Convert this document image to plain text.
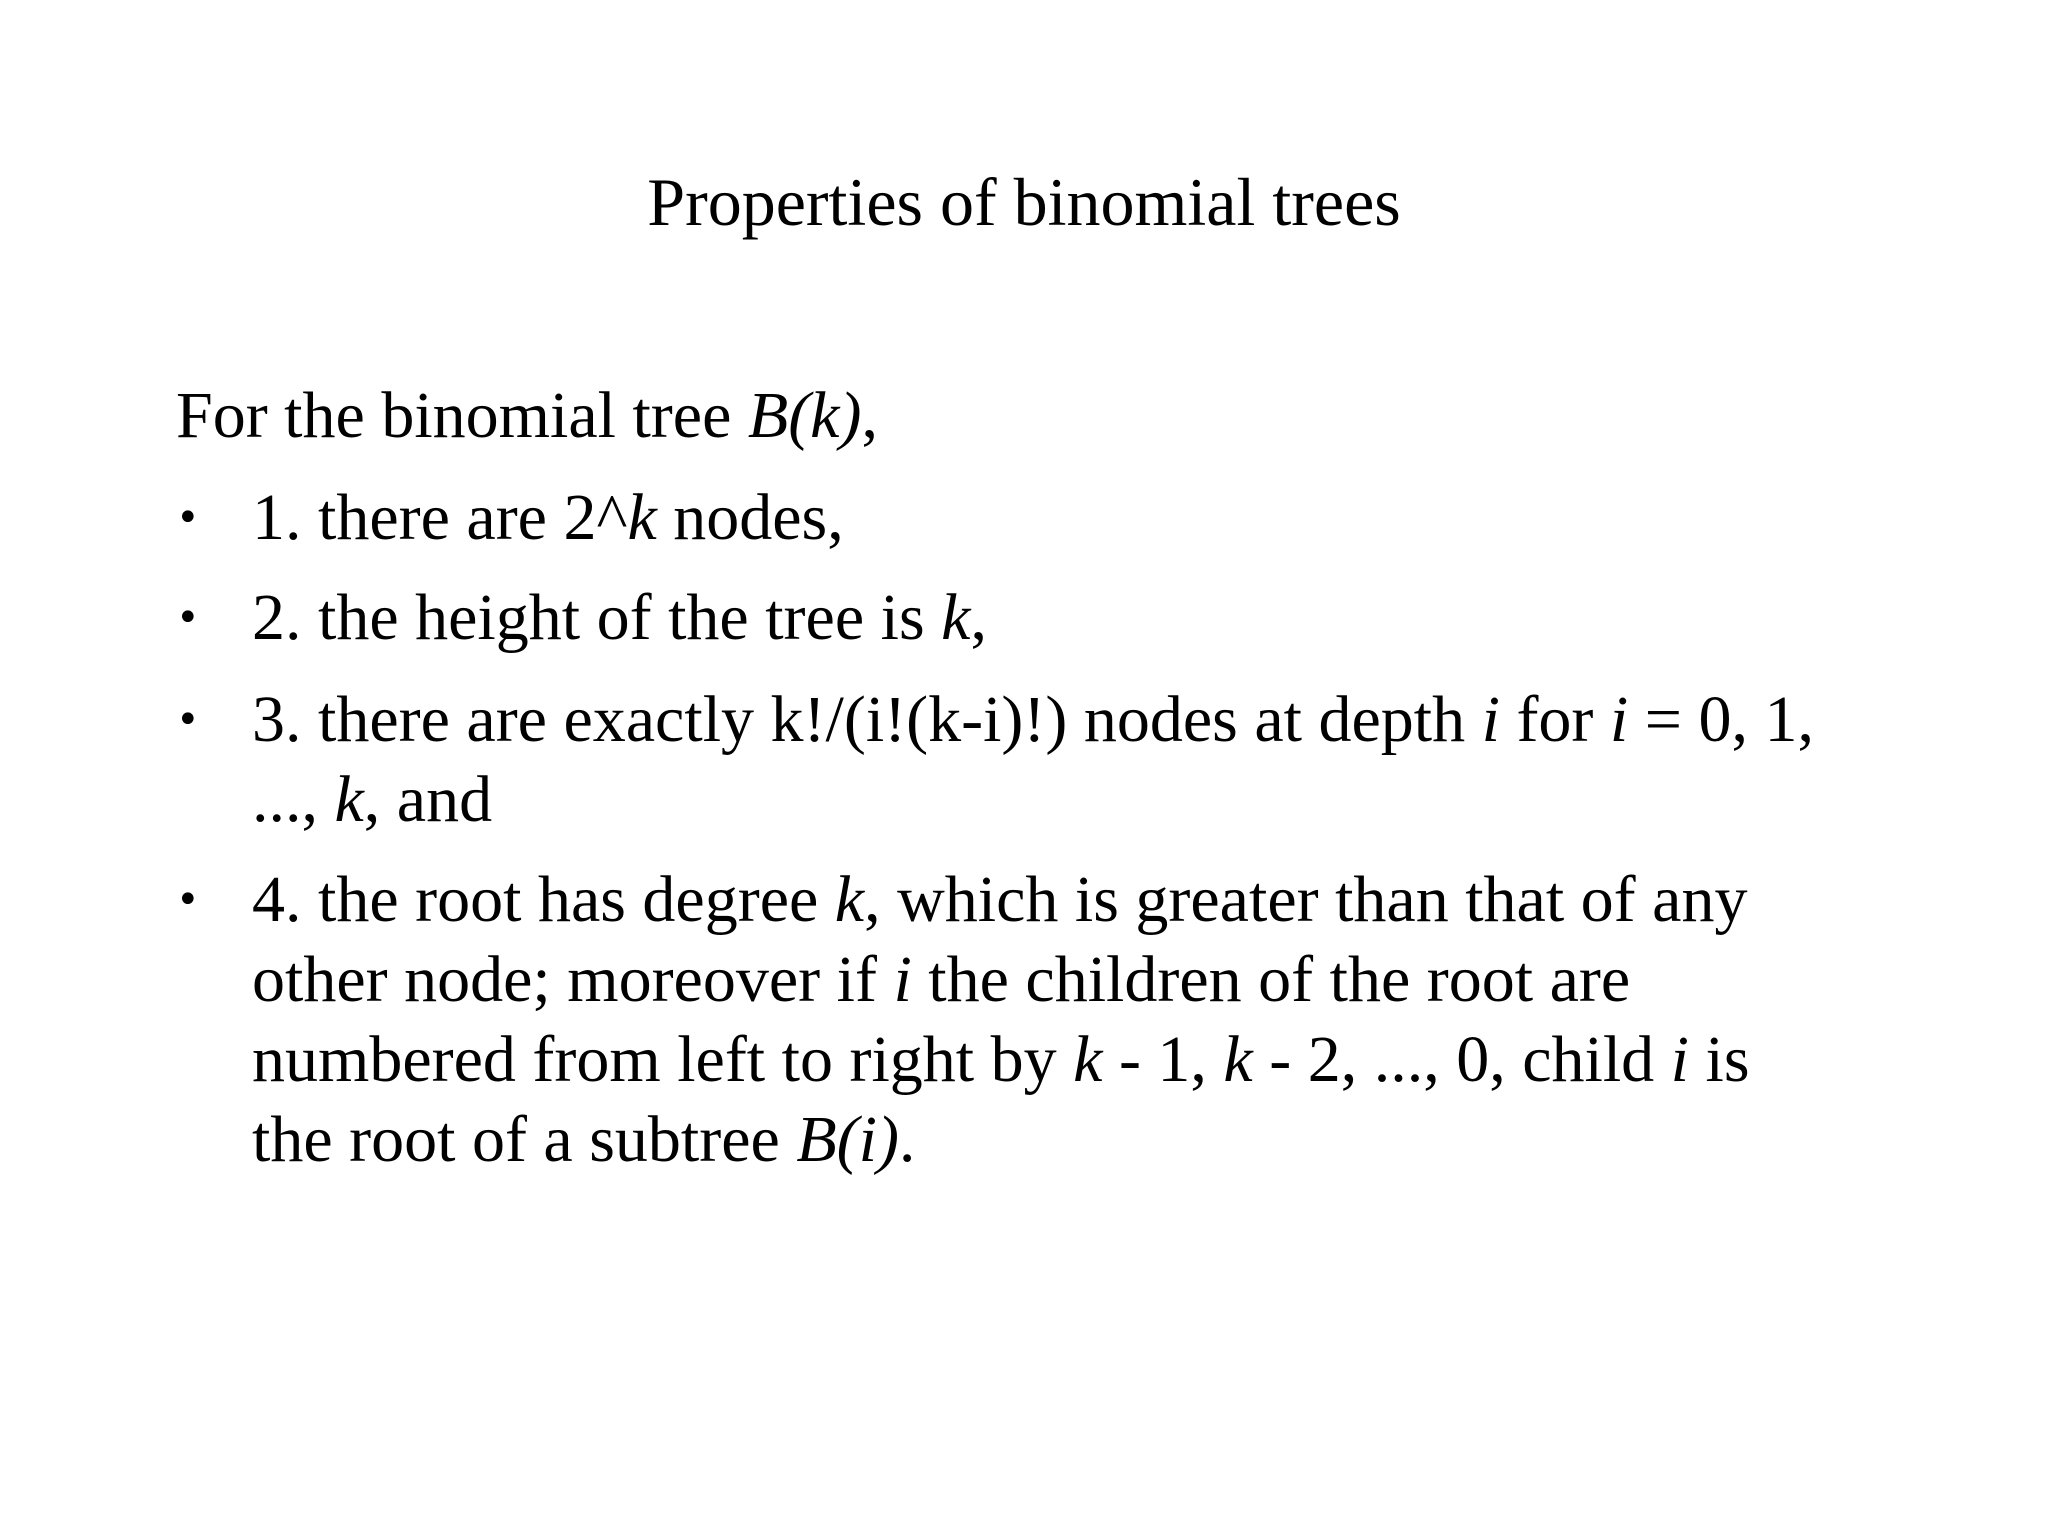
Properties of binomial trees

For the binomial tree B(k),

• 1. there are 2^k nodes,
• 2. the height of the tree is k,
• 3. there are exactly k!/(i!(k-i)!) nodes at depth i for i = 0, 1,
..., k, and
• 4. the root has degree k, which is greater than that of any
other node; moreover if i the children of the root are
numbered from left to right by k - 1, k - 2, ..., 0, child i is
the root of a subtree B(i).
